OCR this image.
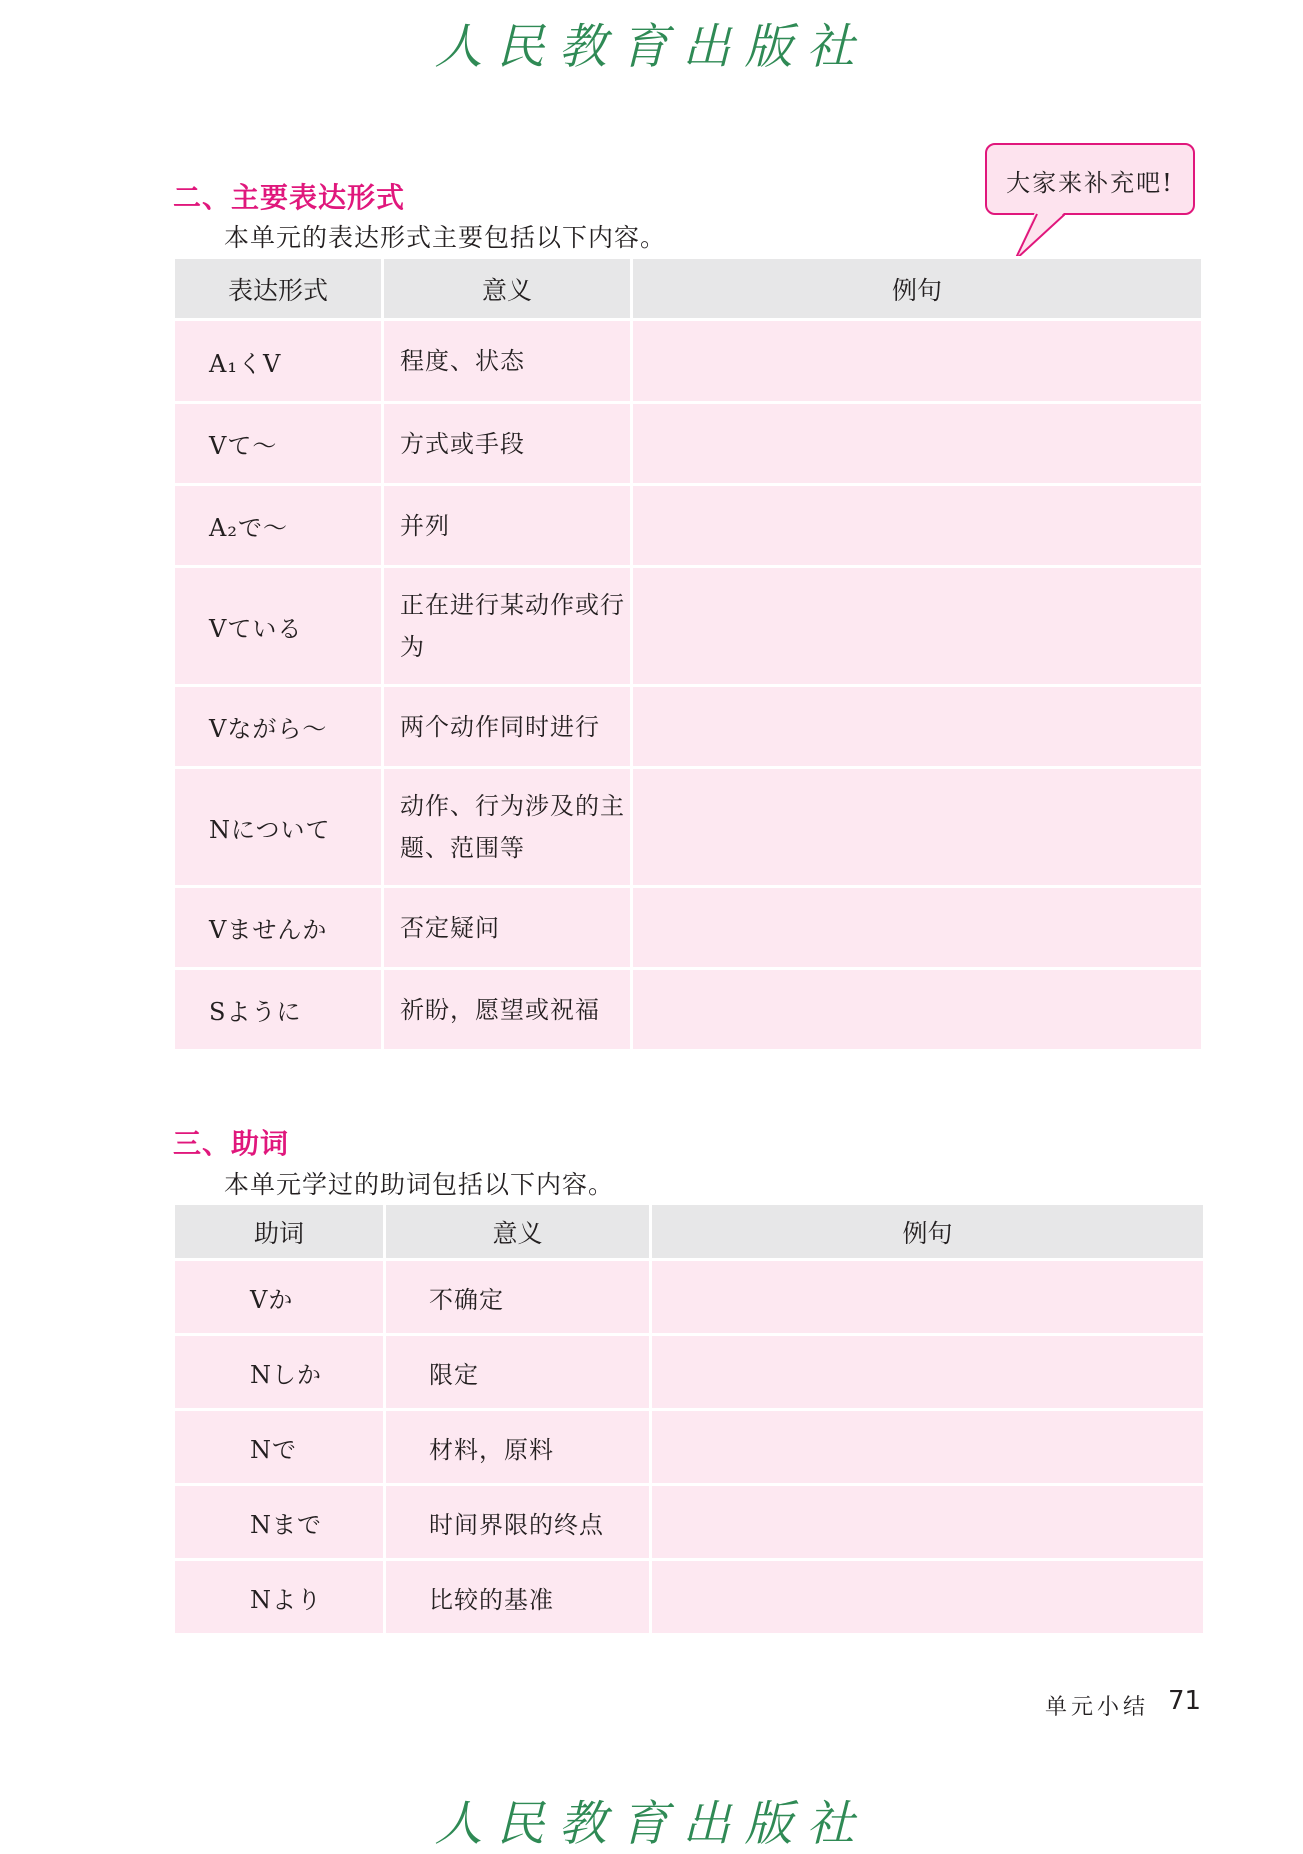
人民教育出版社
二、主要表达形式
本单元的表达形式主要包括以下内容。
大家来补充吧!
表达形式	意义	例句
A₁くV	程度、状态	
Vて〜	方式或手段	
A₂で〜	并列	
Vている	正在进行某动作或行为	
Vながら〜	两个动作同时进行	
Nについて	动作、行为涉及的主题、范围等	
Vませんか	否定疑问	
Sように	祈盼，愿望或祝福	
三、助词
本单元学过的助词包括以下内容。
助词	意义	例句
Vか	不确定	
Nしか	限定	
Nで	材料，原料	
Nまで	时间界限的终点	
Nより	比较的基准	
单元小结 71
人民教育出版社
